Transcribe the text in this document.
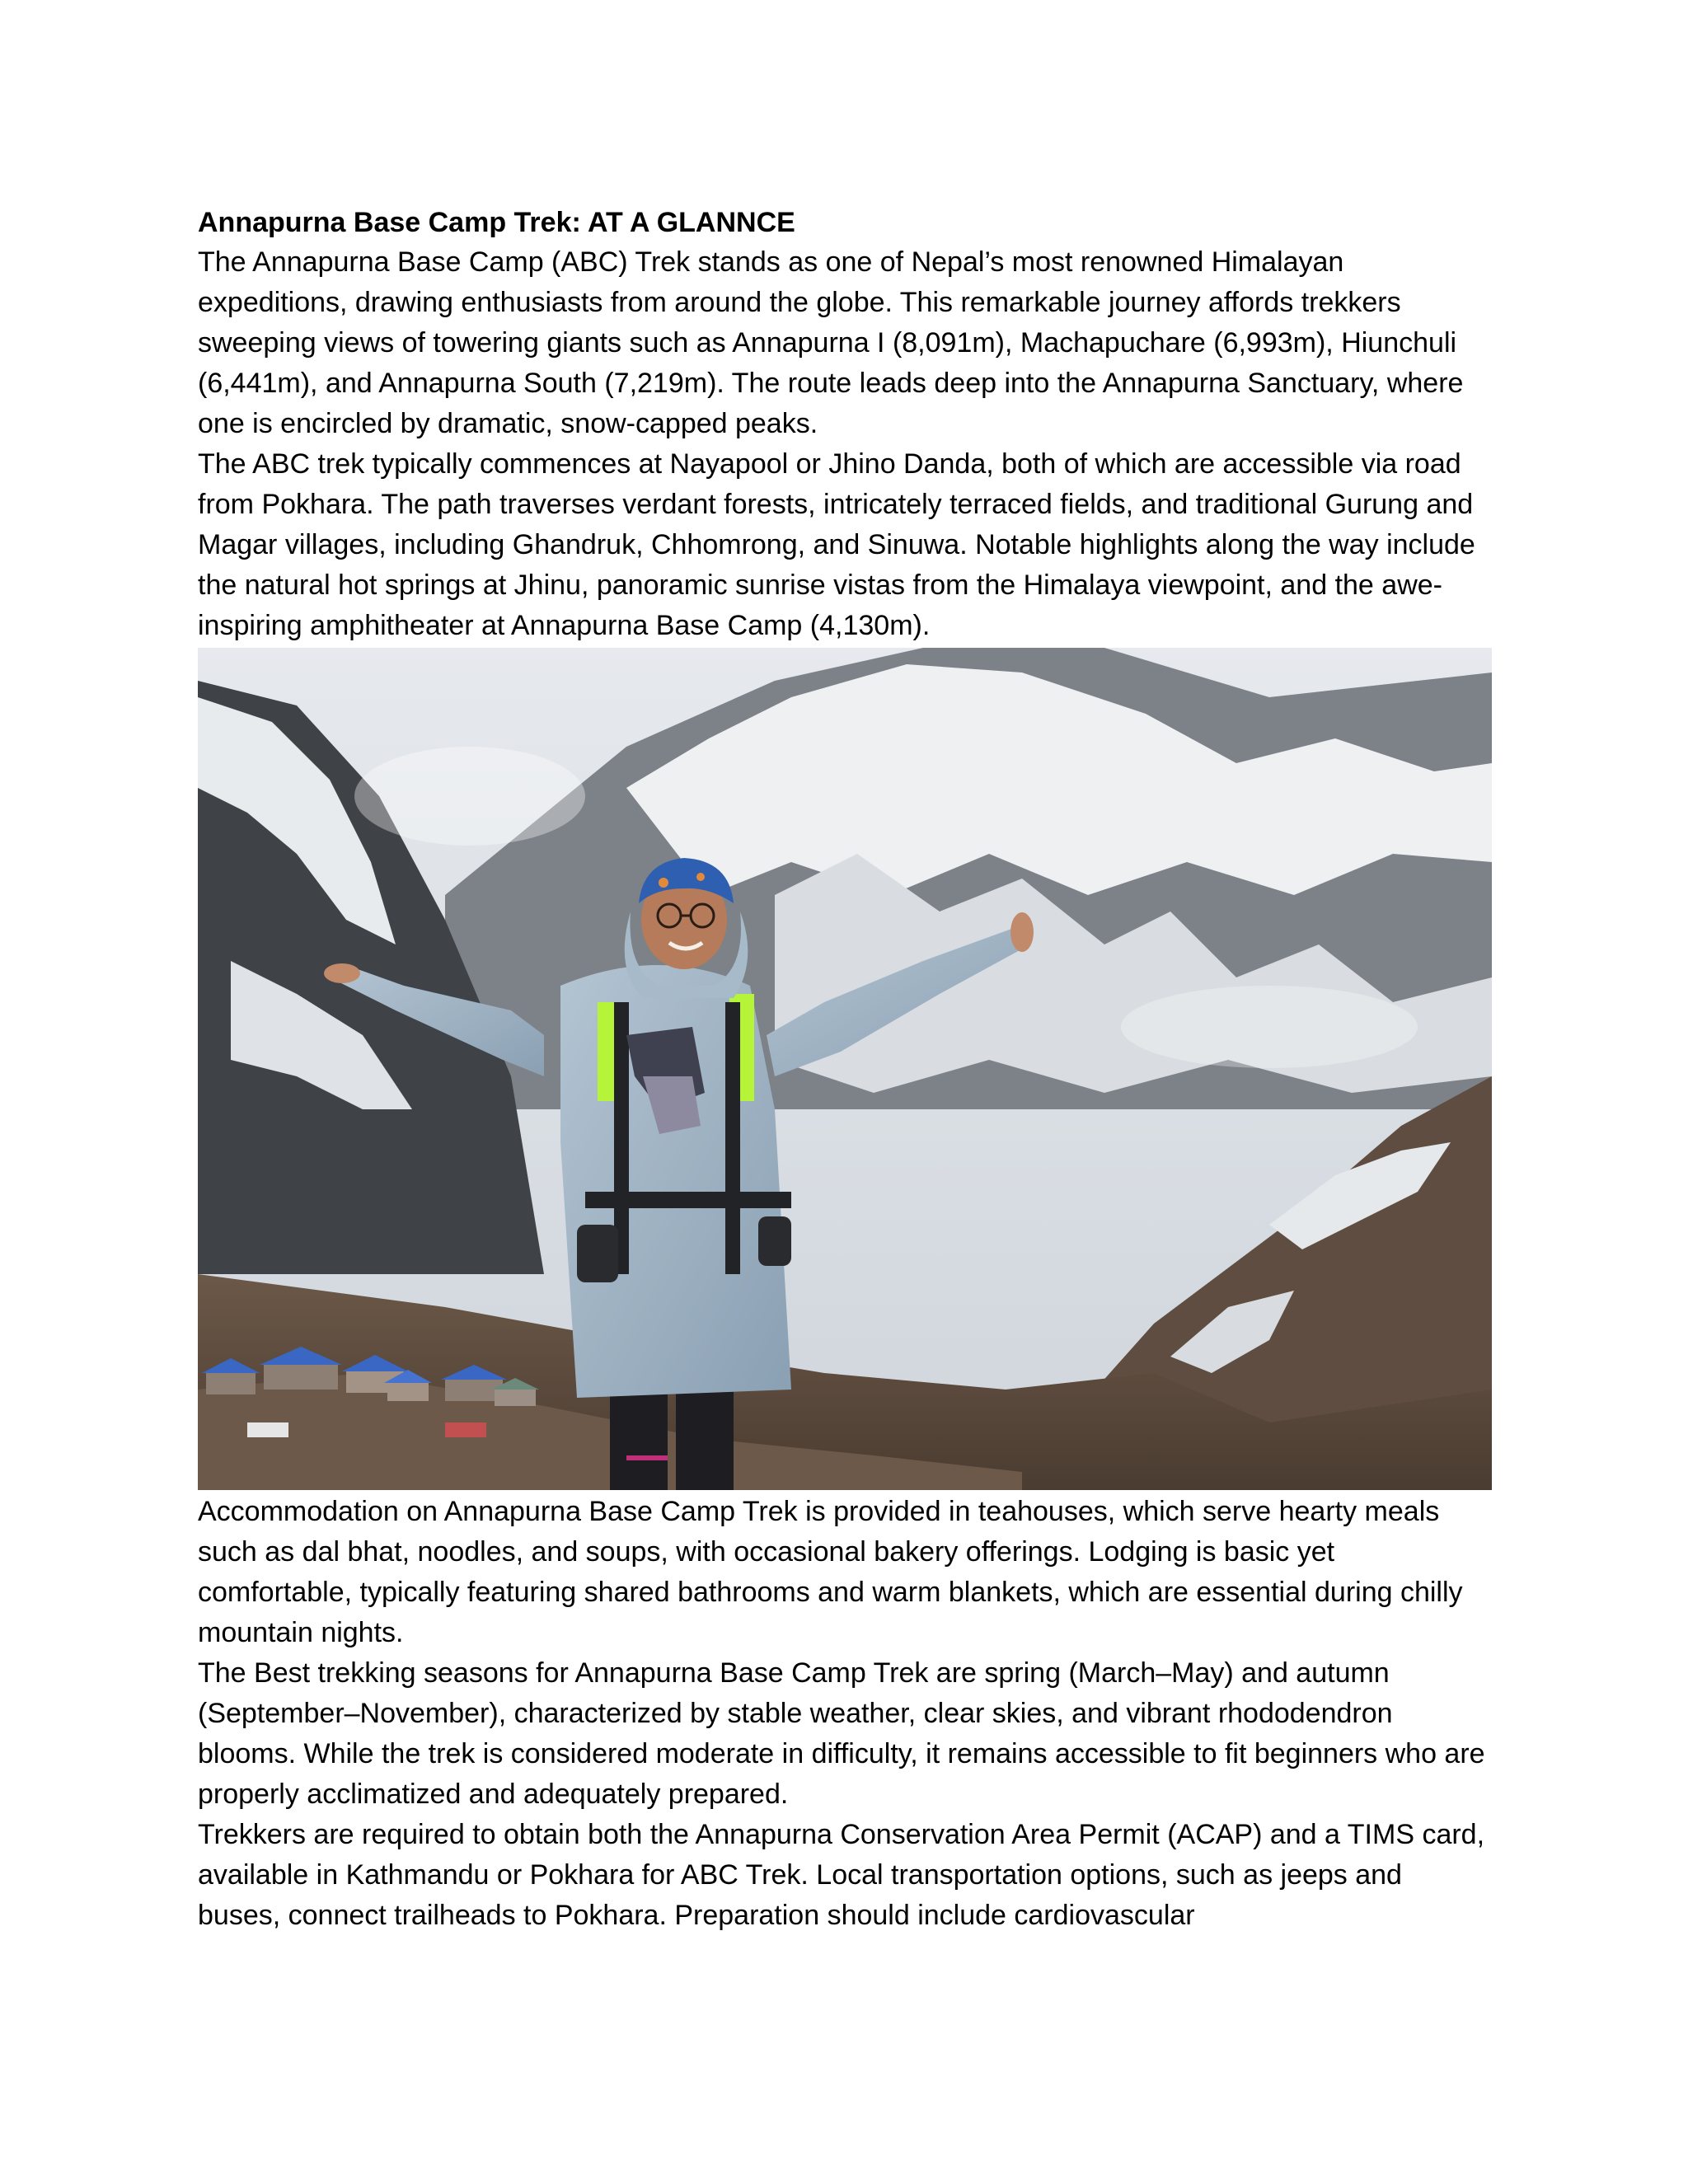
Annapurna Base Camp Trek: AT A GLANNCE

The Annapurna Base Camp (ABC) Trek stands as one of Nepal’s most renowned Himalayan expeditions, drawing enthusiasts from around the globe. This remarkable journey affords trekkers sweeping views of towering giants such as Annapurna I (8,091m), Machapuchare (6,993m), Hiunchuli (6,441m), and Annapurna South (7,219m). The route leads deep into the Annapurna Sanctuary, where one is encircled by dramatic, snow-capped peaks.

The ABC trek typically commences at Nayapool or Jhino Danda, both of which are accessible via road from Pokhara. The path traverses verdant forests, intricately terraced fields, and traditional Gurung and Magar villages, including Ghandruk, Chhomrong, and Sinuwa. Notable highlights along the way include the natural hot springs at Jhinu, panoramic sunrise vistas from the Himalaya viewpoint, and the awe-inspiring amphitheater at Annapurna Base Camp (4,130m).

Accommodation on Annapurna Base Camp Trek is provided in teahouses, which serve hearty meals such as dal bhat, noodles, and soups, with occasional bakery offerings. Lodging is basic yet comfortable, typically featuring shared bathrooms and warm blankets, which are essential during chilly mountain nights.

The Best trekking seasons for Annapurna Base Camp Trek are spring (March–May) and autumn (September–November), characterized by stable weather, clear skies, and vibrant rhododendron blooms. While the trek is considered moderate in difficulty, it remains accessible to fit beginners who are properly acclimatized and adequately prepared.

Trekkers are required to obtain both the Annapurna Conservation Area Permit (ACAP) and a TIMS card, available in Kathmandu or Pokhara for ABC Trek. Local transportation options, such as jeeps and buses, connect trailheads to Pokhara. Preparation should include cardiovascular
